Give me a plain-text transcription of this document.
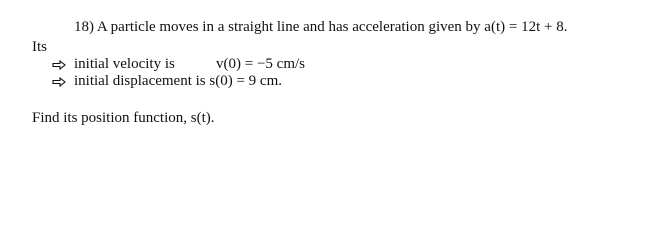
18) A particle moves in a straight line and has acceleration given by a(t) = 12t + 8.
Its
initial velocity is	v(0) = −5 cm/s
initial displacement is s(0) = 9 cm.
Find its position function, s(t).
